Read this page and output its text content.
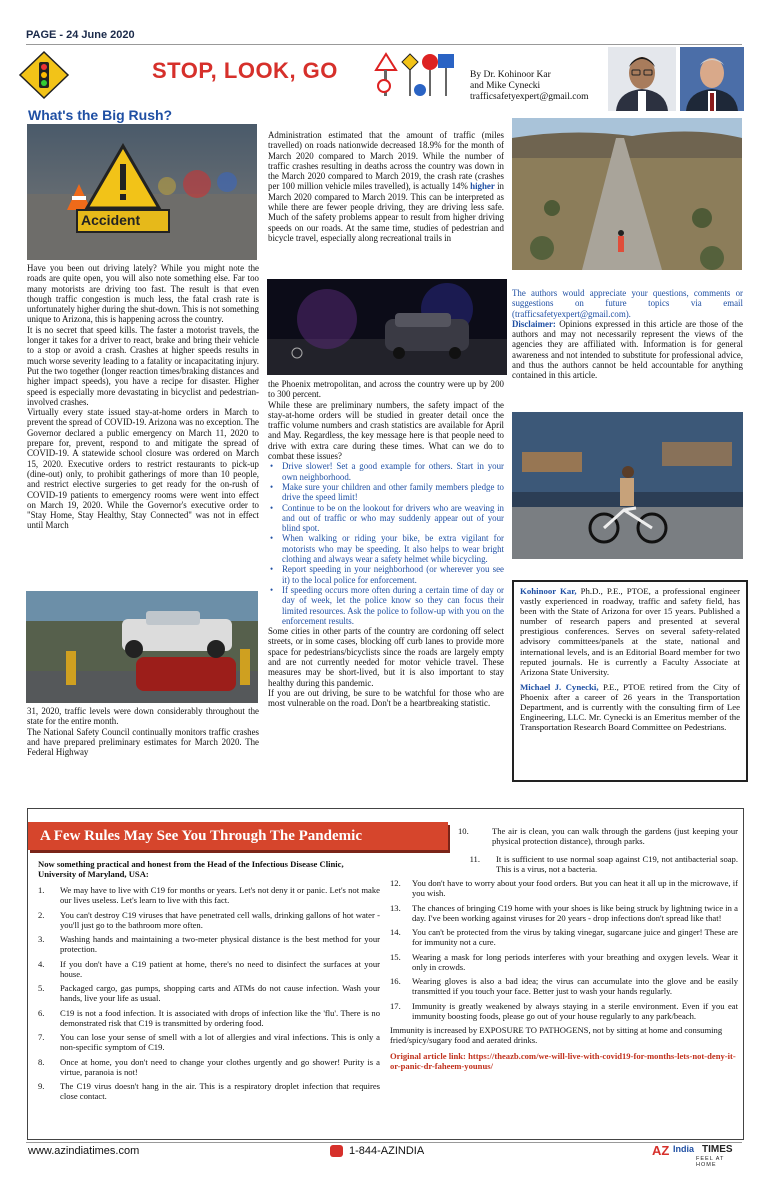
PAGE - 24 June 2020
STOP, LOOK, GO	By Dr. Kohinoor Kar
and Mike Cynecki
trafficsafetyexpert@gmail.com
What's the Big Rush?
Accident

Have you been out driving lately? While you might note the roads are quite open, you will also note something else. Far too many motorists are driving too fast. The result is that even though traffic congestion is much less, the fatal crash rate is unfortunately higher during the shut-down. This is not something unique to Arizona, this is happening across the country.

It is no secret that speed kills. The faster a motorist travels, the longer it takes for a driver to react, brake and bring their vehicle to a stop or avoid a crash. Crashes at higher speeds results in much worse severity leading to a fatality or incapacitating injury. Put the two together (longer reaction times/braking distances and higher impact speeds), you have a recipe for disaster. Higher speed is especially more devastating in bicyclist and pedestrian-involved crashes.

Virtually every state issued stay-at-home orders in March to prevent the spread of COVID-19. Arizona was no exception. The Governor declared a public emergency on March 11, 2020 to prepare for, prevent, respond to and mitigate the spread of COVID-19. A statewide school closure was ordered on March 15, 2020. Executive orders to restrict restaurants to pick-up (dine-out) only, to prohibit gatherings of more than 10 people, and restrict elective surgeries to get ready for the on-rush of COVID-19 patients to emergency rooms were went into effect on March 19, 2020. While the Governor's executive order to "Stay Home, Stay Healthy, Stay Connected" was not in effect until March

31, 2020, traffic levels were down considerably throughout the state for the entire month.

The National Safety Council continually monitors traffic crashes and have prepared preliminary estimates for March 2020. The Federal Highway

Administration estimated that the amount of traffic (miles travelled) on roads nationwide decreased 18.9% for the month of March 2020 compared to March 2019. While the number of traffic crashes resulting in deaths across the country was down in the March 2020 compared to March 2019, the crash rate (crashes per 100 million vehicle miles travelled), is actually 14% higher in March 2020 compared to March 2019. This can be interpreted as while there are fewer people driving, they are driving less safe. Much of the safety problems appear to result from higher driving speeds on our roads. At the same time, studies of pedestrian and bicycle travel, especially along recreational trails in

the Phoenix metropolitan, and across the country were up by 200 to 300 percent.

While these are preliminary numbers, the safety impact of the stay-at-home orders will be studied in greater detail once the traffic volume numbers and crash statistics are available for April and May. Regardless, the key message here is that people need to drive with extra care during these times. What can we do to combat these issues?

• Drive slower! Set a good example for others. Start in your own neighborhood.
• Make sure your children and other family members pledge to drive the speed limit!
• Continue to be on the lookout for drivers who are weaving in and out of traffic or who may suddenly appear out of your blind spot.
• When walking or riding your bike, be extra vigilant for motorists who may be speeding. It also helps to wear bright clothing and always wear a safety helmet while bicycling.
• Report speeding in your neighborhood (or wherever you see it) to the local police for enforcement.
• If speeding occurs more often during a certain time of day or day of week, let the police know so they can focus their limited resources. Ask the police to follow-up with you on the enforcement results.

Some cities in other parts of the country are cordoning off select streets, or in some cases, blocking off curb lanes to provide more space for pedestrians/bicyclists since the roads are largely empty and are not currently needed for motor vehicle travel. These measures may be short-lived, but it is also important to stay healthy during this pandemic.

If you are out driving, be sure to be watchful for those who are most vulnerable on the road. Don't be a heartbreaking statistic.

The authors would appreciate your questions, comments or suggestions on future topics via email (trafficsafetyexpert@gmail.com).

Disclaimer: Opinions expressed in this article are those of the authors and may not necessarily represent the views of the agencies they are affiliated with. Information is for general awareness and not intended to substitute for professional advice, and thus the authors cannot be held accountable for anything contained in this article.

Kohinoor Kar, Ph.D., P.E., PTOE, a professional engineer vastly experienced in roadway, traffic and safety field, has been with the State of Arizona for over 15 years. Published a number of research papers and presented at several prestigious conferences. Serves on several safety-related advisory committees/panels at the state, national and international levels, and is an Editorial Board member for two reputed journals. He is currently a Faculty Associate at Arizona State University.

Michael J. Cynecki, P.E., PTOE retired from the City of Phoenix after a career of 26 years in the Transportation Department, and is currently with the consulting firm of Lee Engineering, LLC. Mr. Cynecki is an Emeritus member of the Transportation Research Board Committee on Pedestrians.

A Few Rules May See You Through The Pandemic

Now something practical and honest from the Head of the Infectious Disease Clinic, University of Maryland, USA:

1.	We may have to live with C19 for months or years. Let's not deny it or panic. Let's not make our lives useless. Let's learn to live with this fact.
2.	You can't destroy C19 viruses that have penetrated cell walls, drinking gallons of hot water - you'll just go to the bathroom more often.
3.	Washing hands and maintaining a two-meter physical distance is the best method for your protection.
4.	If you don't have a C19 patient at home, there's no need to disinfect the surfaces at your house.
5.	Packaged cargo, gas pumps, shopping carts and ATMs do not cause infection. Wash your hands, live your life as usual.
6.	C19 is not a food infection. It is associated with drops of infection like the 'flu'. There is no demonstrated risk that C19 is transmitted by ordering food.
7.	You can lose your sense of smell with a lot of allergies and viral infections. This is only a non-specific symptom of C19.
8.	Once at home, you don't need to change your clothes urgently and go shower! Purity is a virtue, paranoia is not!
9.	The C19 virus doesn't hang in the air. This is a respiratory droplet infection that requires close contact.
10.	The air is clean, you can walk through the gardens (just keeping your physical protection distance), through parks.
11.	It is sufficient to use normal soap against C19, not antibacterial soap. This is a virus, not a bacteria.
12.	You don't have to worry about your food orders. But you can heat it all up in the microwave, if you wish.
13.	The chances of bringing C19 home with your shoes is like being struck by lightning twice in a day. I've been working against viruses for 20 years - drop infections don't spread like that!
14.	You can't be protected from the virus by taking vinegar, sugarcane juice and ginger! These are for immunity not a cure.
15.	Wearing a mask for long periods interferes with your breathing and oxygen levels. Wear it only in crowds.
16.	Wearing gloves is also a bad idea; the virus can accumulate into the glove and be easily transmitted if you touch your face. Better just to wash your hands regularly.
17.	Immunity is greatly weakened by always staying in a sterile environment. Even if you eat immunity boosting foods, please go out of your house regularly to any park/beach.

Immunity is increased by EXPOSURE TO PATHOGENS, not by sitting at home and consuming fried/spicy/sugary food and aerated drinks.

Original article link: https://theazb.com/we-will-live-with-covid19-for-months-lets-not-deny-it-or-panic-dr-faheem-younus/

www.azindiatimes.com	1-844-AZINDIA	AZ India TIMES
FEEL AT HOME
